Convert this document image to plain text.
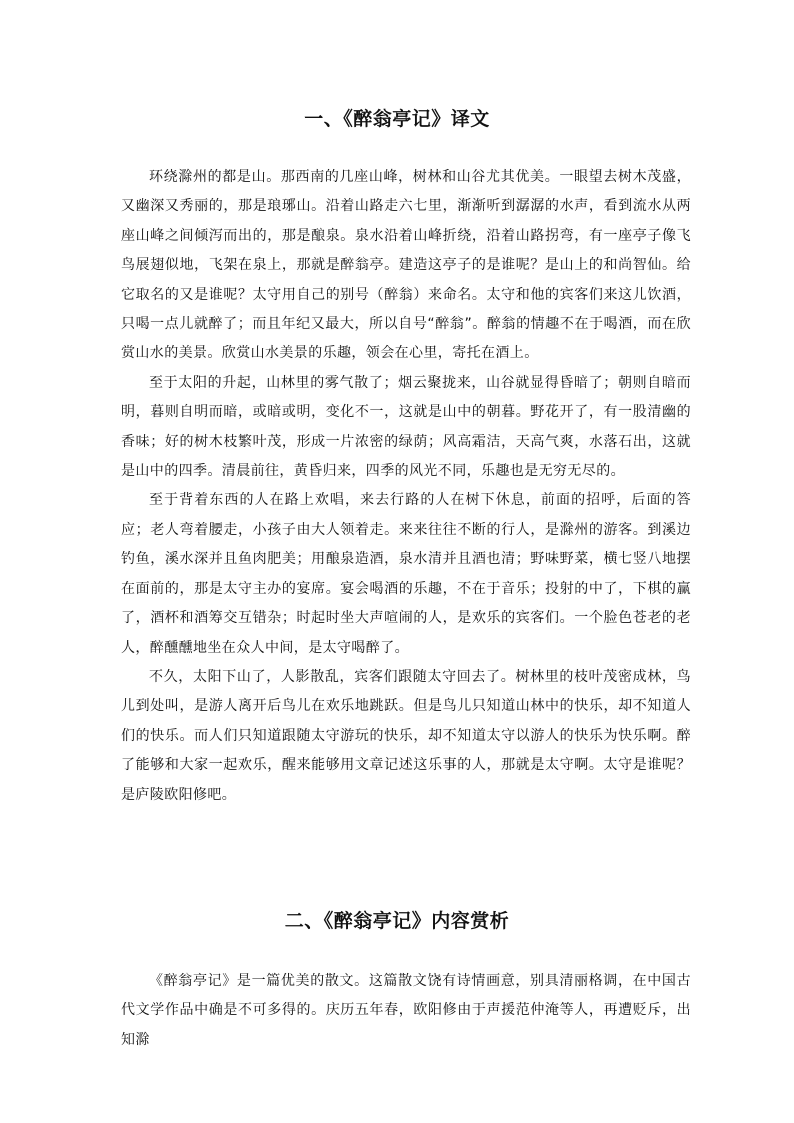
一、《醉翁亭记》译文

环绕滁州的都是山。那西南的几座山峰，树林和山谷尤其优美。一眼望去树木茂盛，又幽深又秀丽的，那是琅琊山。沿着山路走六七里，渐渐听到潺潺的水声，看到流水从两座山峰之间倾泻而出的，那是酿泉。泉水沿着山峰折绕，沿着山路拐弯，有一座亭子像飞鸟展翅似地，飞架在泉上，那就是醉翁亭。建造这亭子的是谁呢？是山上的和尚智仙。给它取名的又是谁呢？太守用自己的别号（醉翁）来命名。太守和他的宾客们来这儿饮酒，只喝一点儿就醉了；而且年纪又最大，所以自号“醉翁”。醉翁的情趣不在于喝酒，而在欣赏山水的美景。欣赏山水美景的乐趣，领会在心里，寄托在酒上。

至于太阳的升起，山林里的雾气散了；烟云聚拢来，山谷就显得昏暗了；朝则自暗而明，暮则自明而暗，或暗或明，变化不一，这就是山中的朝暮。野花开了，有一股清幽的香味；好的树木枝繁叶茂，形成一片浓密的绿荫；风高霜洁，天高气爽，水落石出，这就是山中的四季。清晨前往，黄昏归来，四季的风光不同，乐趣也是无穷无尽的。

至于背着东西的人在路上欢唱，来去行路的人在树下休息，前面的招呼，后面的答应；老人弯着腰走，小孩子由大人领着走。来来往往不断的行人，是滁州的游客。到溪边钓鱼，溪水深并且鱼肉肥美；用酿泉造酒，泉水清并且酒也清；野味野菜，横七竖八地摆在面前的，那是太守主办的宴席。宴会喝酒的乐趣，不在于音乐；投射的中了，下棋的赢了，酒杯和酒筹交互错杂；时起时坐大声喧闹的人，是欢乐的宾客们。一个脸色苍老的老人，醉醺醺地坐在众人中间，是太守喝醉了。

不久，太阳下山了，人影散乱，宾客们跟随太守回去了。树林里的枝叶茂密成林，鸟儿到处叫，是游人离开后鸟儿在欢乐地跳跃。但是鸟儿只知道山林中的快乐，却不知道人们的快乐。而人们只知道跟随太守游玩的快乐，却不知道太守以游人的快乐为快乐啊。醉了能够和大家一起欢乐，醒来能够用文章记述这乐事的人，那就是太守啊。太守是谁呢？是庐陵欧阳修吧。

二、《醉翁亭记》内容赏析

《醉翁亭记》是一篇优美的散文。这篇散文饶有诗情画意，别具清丽格调，在中国古代文学作品中确是不可多得的。庆历五年春，欧阳修由于声援范仲淹等人，再遭贬斥，出知滁
